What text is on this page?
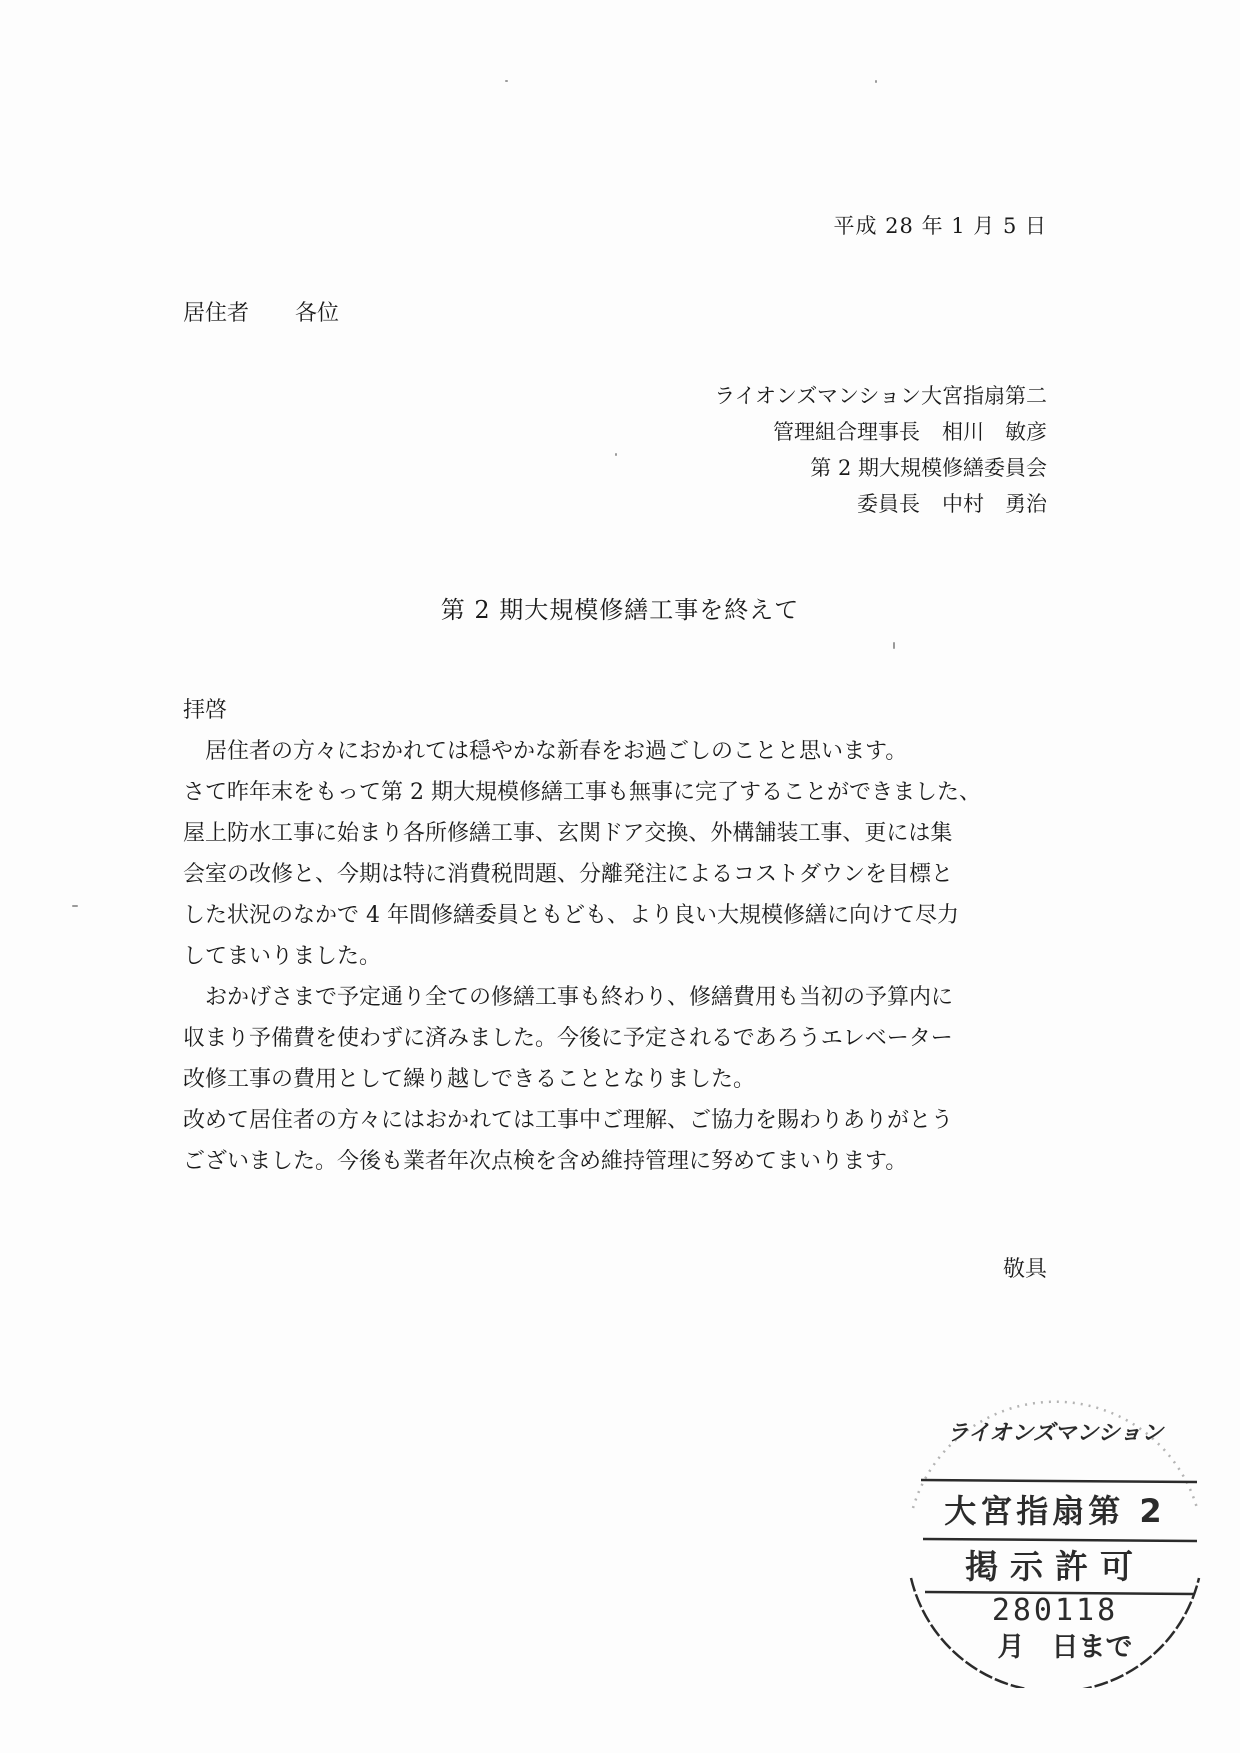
平成 28 年 1 月 5 日
居住者 各位
ライオンズマンション大宮指扇第二
管理組合理事長 相川　敏彦
第 2 期大規模修繕委員会
委員長 中村　勇治
第 2 期大規模修繕工事を終えて

拝啓

居住者の方々におかれては穏やかな新春をお過ごしのことと思います。

さて昨年末をもって第 2 期大規模修繕工事も無事に完了することができました、

屋上防水工事に始まり各所修繕工事、玄関ドア交換、外構舗装工事、更には集

会室の改修と、今期は特に消費税問題、分離発注によるコストダウンを目標と

した状況のなかで 4 年間修繕委員ともども、より良い大規模修繕に向けて尽力

してまいりました。

おかげさまで予定通り全ての修繕工事も終わり、修繕費用も当初の予算内に

収まり予備費を使わずに済みました。今後に予定されるであろうエレベーター

改修工事の費用として繰り越しできることとなりました。

改めて居住者の方々にはおかれては工事中ご理解、ご協力を賜わりありがとう

ございました。今後も業者年次点検を含め維持管理に努めてまいります。

敬具
ライオンズマンション
大宮指扇第 2
掲示許可
280118
月　日まで
